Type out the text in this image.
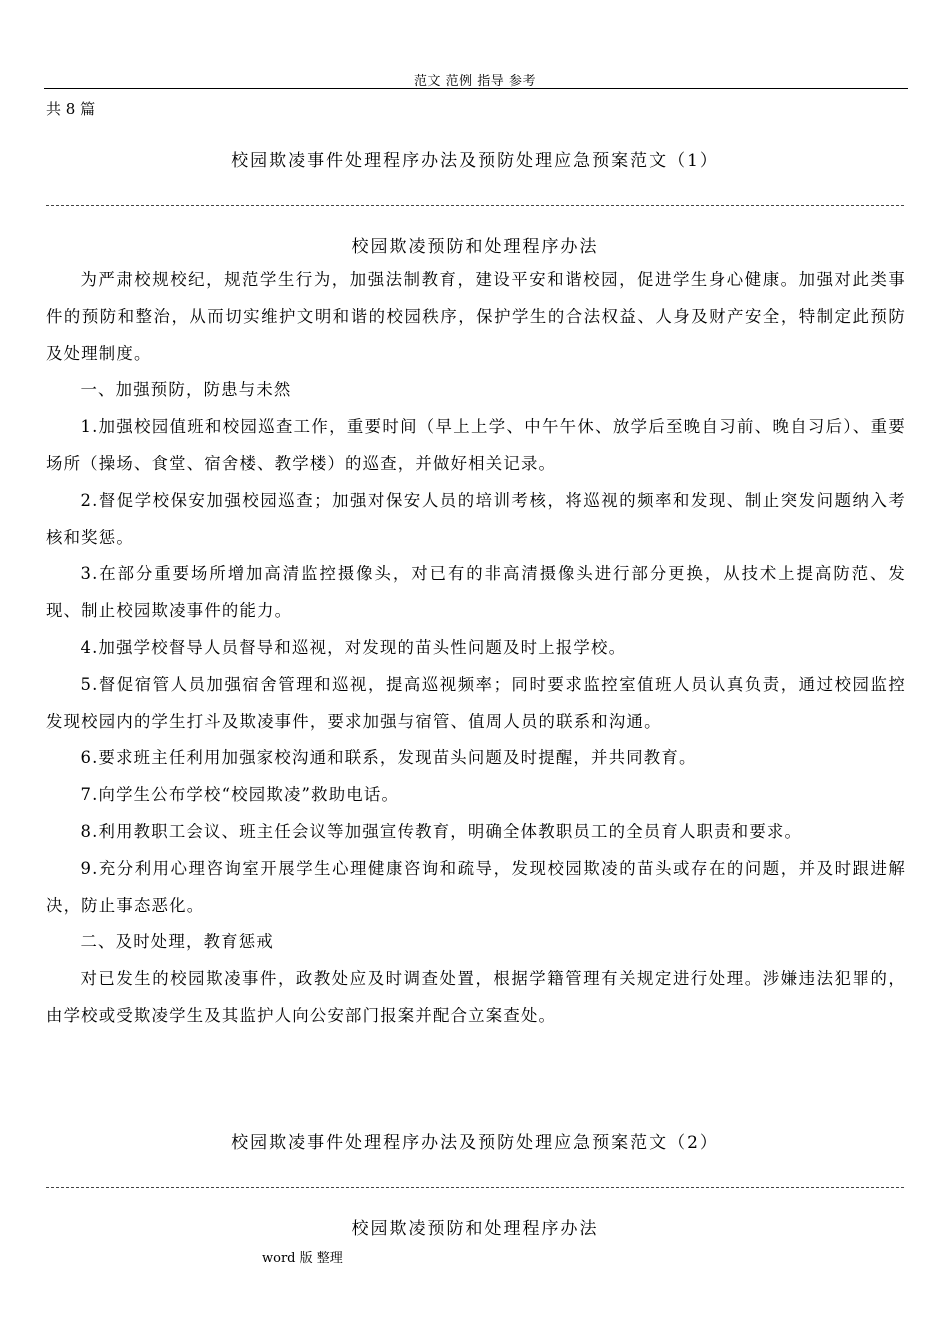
范文 范例 指导 参考
共 8 篇
校园欺凌事件处理程序办法及预防处理应急预案范文（1）
校园欺凌预防和处理程序办法

为严肃校规校纪，规范学生行为，加强法制教育，建设平安和谐校园，促进学生身心健康。加强对此类事件的预防和整治，从而切实维护文明和谐的校园秩序，保护学生的合法权益、人身及财产安全，特制定此预防及处理制度。

一、加强预防，防患与未然

1.加强校园值班和校园巡查工作，重要时间（早上上学、中午午休、放学后至晚自习前、晚自习后）、重要场所（操场、食堂、宿舍楼、教学楼）的巡查，并做好相关记录。

2.督促学校保安加强校园巡查；加强对保安人员的培训考核，将巡视的频率和发现、制止突发问题纳入考核和奖惩。

3.在部分重要场所增加高清监控摄像头，对已有的非高清摄像头进行部分更换，从技术上提高防范、发现、制止校园欺凌事件的能力。

4.加强学校督导人员督导和巡视，对发现的苗头性问题及时上报学校。

5.督促宿管人员加强宿舍管理和巡视，提高巡视频率；同时要求监控室值班人员认真负责，通过校园监控发现校园内的学生打斗及欺凌事件，要求加强与宿管、值周人员的联系和沟通。

6.要求班主任利用加强家校沟通和联系，发现苗头问题及时提醒，并共同教育。

7.向学生公布学校“校园欺凌”救助电话。

8.利用教职工会议、班主任会议等加强宣传教育，明确全体教职员工的全员育人职责和要求。

9.充分利用心理咨询室开展学生心理健康咨询和疏导，发现校园欺凌的苗头或存在的问题，并及时跟进解决，防止事态恶化。

二、及时处理，教育惩戒

对已发生的校园欺凌事件，政教处应及时调查处置，根据学籍管理有关规定进行处理。涉嫌违法犯罪的，由学校或受欺凌学生及其监护人向公安部门报案并配合立案查处。

校园欺凌事件处理程序办法及预防处理应急预案范文（2）
校园欺凌预防和处理程序办法
word 版 整理
